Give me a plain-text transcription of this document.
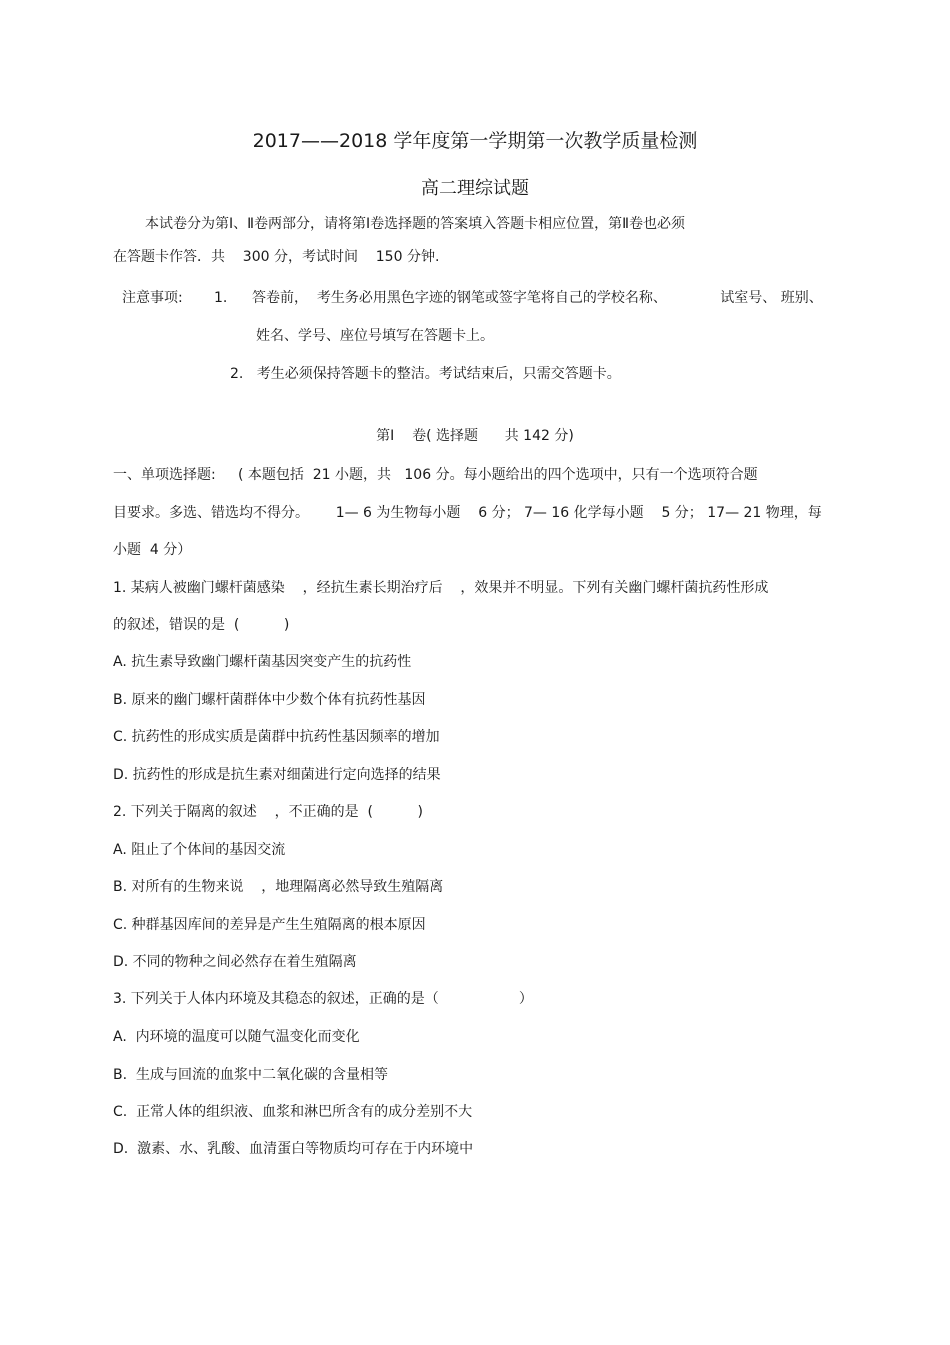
2017——2018 学年度第一学期第一次教学质量检测
高二理综试题
本试卷分为第Ⅰ、Ⅱ卷两部分，请将第Ⅰ卷选择题的答案填入答题卡相应位置，第Ⅱ卷也必须
在答题卡作答．共    300 分，考试时间    150 分钟.
注意事项: 1. 答卷前，  考生务必用黑色字迹的钢笔或签字笔将自己的学校名称、            试室号、 班别、
姓名、学号、座位号填写在答题卡上。
2.   考生必须保持答题卡的整洁。考试结束后，只需交答题卡。
第Ⅰ    卷( 选择题      共 142 分)
一、单项选择题:     ( 本题包括  21 小题，共   106 分。每小题给出的四个选项中，只有一个选项符合题
目要求。多选、错选均不得分。      1— 6 为生物每小题    6 分； 7— 16 化学每小题    5 分； 17— 21 物理，每
小题  4 分）
1. 某病人被幽门螺杆菌感染    ，经抗生素长期治疗后    ，效果并不明显。下列有关幽门螺杆菌抗药性形成
的叙述，错误的是  (          )
A. 抗生素导致幽门螺杆菌基因突变产生的抗药性
B. 原来的幽门螺杆菌群体中少数个体有抗药性基因
C. 抗药性的形成实质是菌群中抗药性基因频率的增加
D. 抗药性的形成是抗生素对细菌进行定向选择的结果
2. 下列关于隔离的叙述    ，不正确的是  (          )
A. 阻止了个体间的基因交流
B. 对所有的生物来说    ，地理隔离必然导致生殖隔离
C. 种群基因库间的差异是产生生殖隔离的根本原因
D. 不同的物种之间必然存在着生殖隔离
3. 下列关于人体内环境及其稳态的叙述，正确的是（                  ）
A.  内环境的温度可以随气温变化而变化
B.  生成与回流的血浆中二氧化碳的含量相等
C.  正常人体的组织液、血浆和淋巴所含有的成分差别不大
D.  激素、水、乳酸、血清蛋白等物质均可存在于内环境中
